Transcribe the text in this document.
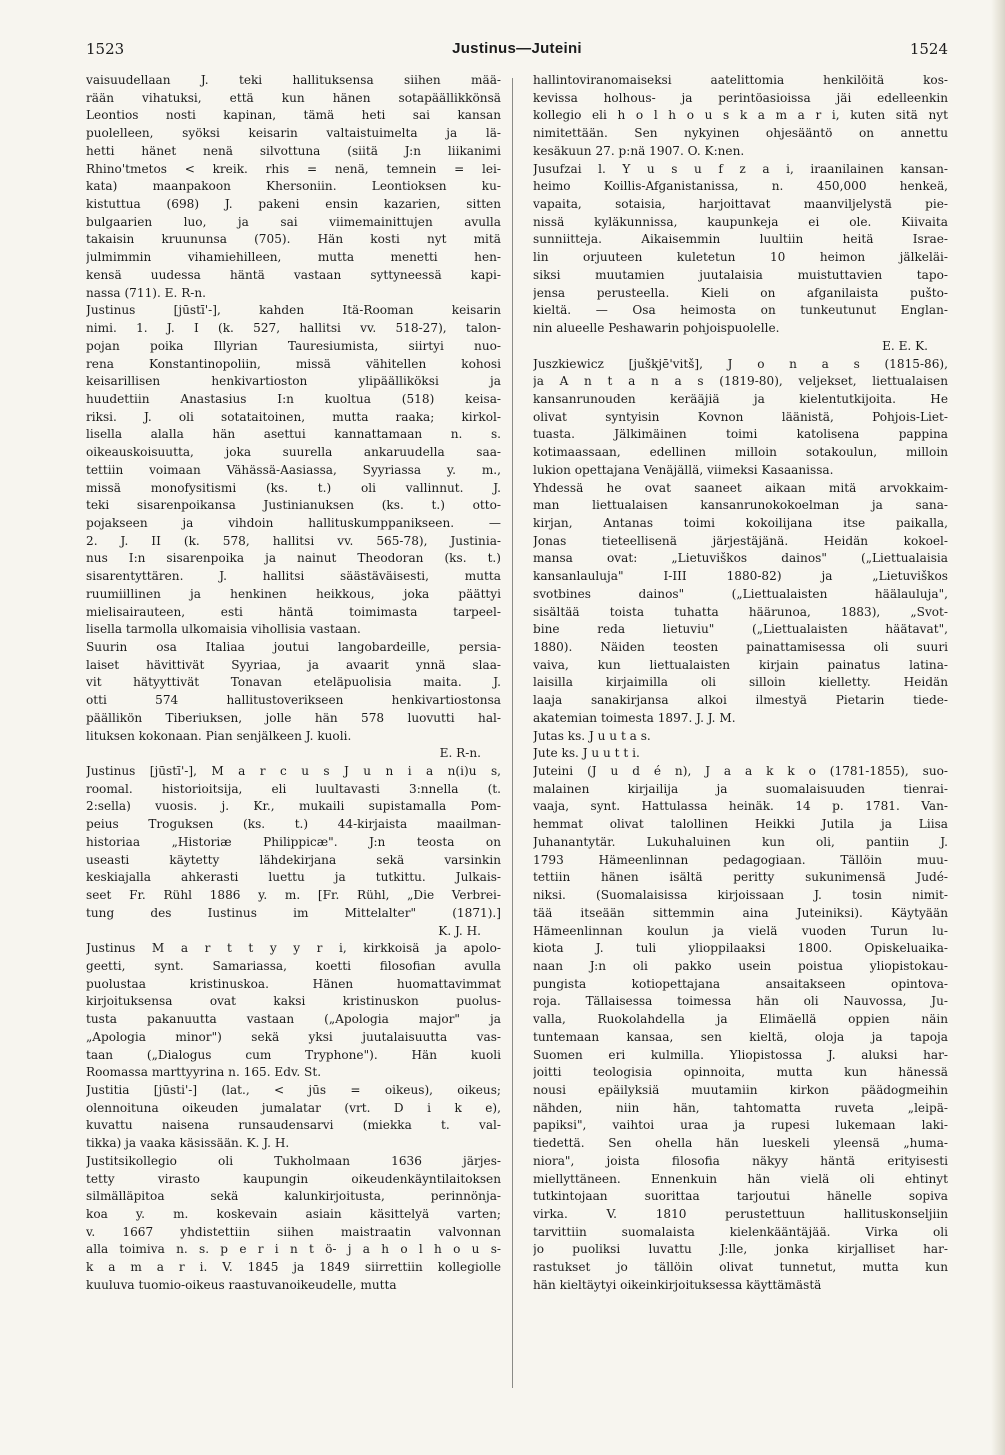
1523	Justinus—Juteini	1524
vaisuudellaan J. teki hallituksensa siihen mää-
rään vihatuksi, että kun hänen sotapäällikkönsä
Leontios nosti kapinan, tämä heti sai kansan
puolelleen, syöksi keisarin valtaistuimelta ja lä-
hetti hänet nenä silvottuna (siitä J:n liikanimi
Rhino'tmetos < kreik. rhis = nenä, temnein = lei-
kata) maanpakoon Khersoniin. Leontioksen ku-
kistuttua (698) J. pakeni ensin kazarien, sitten
bulgaarien luo, ja sai viimemainittujen avulla
takaisin kruununsa (705). Hän kosti nyt mitä
julmimmin vihamiehilleen, mutta menetti hen-
kensä uudessa häntä vastaan syttyneessä kapi-
nassa (711). E. R-n.
Justinus [jūstī'-], kahden Itä-Rooman keisarin
nimi. 1. J. I (k. 527, hallitsi vv. 518-27), talon-
pojan poika Illyrian Tauresiumista, siirtyi nuo-
rena Konstantinopoliin, missä vähitellen kohosi
keisarillisen henkivartioston ylipäälliköksi ja
huudettiin Anastasius I:n kuoltua (518) keisa-
riksi. J. oli sotataitoinen, mutta raaka; kirkol-
lisella alalla hän asettui kannattamaan n. s.
oikeauskoisuutta, joka suurella ankaruudella saa-
tettiin voimaan Vähässä-Aasiassa, Syyriassa y. m.,
missä monofysitismi (ks. t.) oli vallinnut. J.
teki sisarenpoikansa Justinianuksen (ks. t.) otto-
pojakseen ja vihdoin hallituskumppanikseen. —
2. J. II (k. 578, hallitsi vv. 565-78), Justinia-
nus I:n sisarenpoika ja nainut Theodoran (ks. t.)
sisarentyttären. J. hallitsi säästäväisesti, mutta
ruumiillinen ja henkinen heikkous, joka päättyi
mielisairauteen, esti häntä toimimasta tarpeel-
lisella tarmolla ulkomaisia vihollisia vastaan.
Suurin osa Italiaa joutui langobardeille, persia-
laiset hävittivät Syyriaa, ja avaarit ynnä slaa-
vit hätyyttivät Tonavan eteläpuolisia maita. J.
otti 574 hallitustoverikseen henkivartiostonsa
päällikön Tiberiuksen, jolle hän 578 luovutti hal-
lituksen kokonaan. Pian senjälkeen J. kuoli.
E. R-n.
Justinus [jūstī'-], M a r c u s J u n i a n(i)u s,
roomal. historioitsija, eli luultavasti 3:nnella (t.
2:sella) vuosis. j. Kr., mukaili supistamalla Pom-
peius Troguksen (ks. t.) 44-kirjaista maailman-
historiaa „Historiæ Philippicæ". J:n teosta on
useasti käytetty lähdekirjana sekä varsinkin
keskiajalla ahkerasti luettu ja tutkittu. Julkais-
seet Fr. Rühl 1886 y. m. [Fr. Rühl, „Die Verbrei-
tung des Iustinus im Mittelalter" (1871).]
K. J. H.
Justinus M a r t t y y r i, kirkkoisä ja apolo-
geetti, synt. Samariassa, koetti filosofian avulla
puolustaa kristinuskoa. Hänen huomattavimmat
kirjoituksensa ovat kaksi kristinuskon puolus-
tusta pakanuutta vastaan („Apologia major" ja
„Apologia minor") sekä yksi juutalaisuutta vas-
taan („Dialogus cum Tryphone"). Hän kuoli
Roomassa marttyyrina n. 165. Edv. St.
Justitia [jūsti'-] (lat., < jūs = oikeus), oikeus;
olennoituna oikeuden jumalatar (vrt. D i k e),
kuvattu naisena runsaudensarvi (miekka t. val-
tikka) ja vaaka käsissään. K. J. H.
Justitsikollegio oli Tukholmaan 1636 järjes-
tetty virasto kaupungin oikeudenkäyntilaitoksen
silmälläpitoa sekä kalunkirjoitusta, perinnönja-
koa y. m. koskevain asiain käsittelyä varten;
v. 1667 yhdistettiin siihen maistraatin valvonnan
alla toimiva n. s. p e r i n t ö- j a h o l h o u s-
k a m a r i. V. 1845 ja 1849 siirrettiin kollegiolle
kuuluva tuomio-oikeus raastuvanoikeudelle, mutta
hallintoviranomaiseksi aatelittomia henkilöitä kos-
kevissa holhous- ja perintöasioissa jäi edelleenkin
kollegio eli h o l h o u s k a m a r i, kuten sitä nyt
nimitettään. Sen nykyinen ohjesääntö on annettu
kesäkuun 27. p:nä 1907. O. K:nen.
Jusufzai l. Y u s u f z a i, iraanilainen kansan-
heimo Koillis-Afganistanissa, n. 450,000 henkeä,
vapaita, sotaisia, harjoittavat maanviljelystä pie-
nissä kyläkunnissa, kaupunkeja ei ole. Kiivaita
sunniitteja. Aikaisemmin luultiin heitä Israe-
lin orjuuteen kuletetun 10 heimon jälkeläi-
siksi muutamien juutalaisia muistuttavien tapo-
jensa perusteella. Kieli on afganilaista pušto-
kieltä. — Osa heimosta on tunkeutunut Englan-
nin alueelle Peshawarin pohjoispuolelle.
E. E. K.
Juszkiewicz [juškjē'vitš], J o n a s (1815-86),
ja A n t a n a s (1819-80), veljekset, liettualaisen
kansanrunouden kerääjiä ja kielentutkijoita. He
olivat syntyisin Kovnon läänistä, Pohjois-Liet-
tuasta. Jälkimäinen toimi katolisena pappina
kotimaassaan, edellinen milloin sotakoulun, milloin
lukion opettajana Venäjällä, viimeksi Kasaanissa.
Yhdessä he ovat saaneet aikaan mitä arvokkaim-
man liettualaisen kansanrunokokoelman ja sana-
kirjan, Antanas toimi kokoilijana itse paikalla,
Jonas tieteellisenä järjestäjänä. Heidän kokoel-
mansa ovat: „Lietuviškos dainos" („Liettualaisia
kansanlauluja" I-III 1880-82) ja „Lietuviškos
svotbines dainos" („Liettualaisten häälauluja",
sisältää toista tuhatta häärunoa, 1883), „Svot-
bine reda lietuviu" („Liettualaisten häätavat",
1880). Näiden teosten painattamisessa oli suuri
vaiva, kun liettualaisten kirjain painatus latina-
laisilla kirjaimilla oli silloin kielletty. Heidän
laaja sanakirjansa alkoi ilmestyä Pietarin tiede-
akatemian toimesta 1897. J. J. M.
Jutas ks. J u u t a s.
Jute ks. J u u t t i.
Juteini (J u d é n), J a a k k o (1781-1855), suo-
malainen kirjailija ja suomalaisuuden tienrai-
vaaja, synt. Hattulassa heinäk. 14 p. 1781. Van-
hemmat olivat talollinen Heikki Jutila ja Liisa
Juhanantytär. Lukuhaluinen kun oli, pantiin J.
1793 Hämeenlinnan pedagogiaan. Tällöin muu-
tettiin hänen isältä peritty sukunimensä Judé-
niksi. (Suomalaisissa kirjoissaan J. tosin nimit-
tää itseään sittemmin aina Juteiniksi). Käytyään
Hämeenlinnan koulun ja vielä vuoden Turun lu-
kiota J. tuli ylioppilaaksi 1800. Opiskeluaika-
naan J:n oli pakko usein poistua yliopistokau-
pungista kotiopettajana ansaitakseen opintova-
roja. Tällaisessa toimessa hän oli Nauvossa, Ju-
valla, Ruokolahdella ja Elimäellä oppien näin
tuntemaan kansaa, sen kieltä, oloja ja tapoja
Suomen eri kulmilla. Yliopistossa J. aluksi har-
joitti teologisia opinnoita, mutta kun hänessä
nousi epäilyksiä muutamiin kirkon päädogmeihin
nähden, niin hän, tahtomatta ruveta „leipä-
papiksi", vaihtoi uraa ja rupesi lukemaan laki-
tiedettä. Sen ohella hän lueskeli yleensä „huma-
niora", joista filosofia näkyy häntä erityisesti
miellyttäneen. Ennenkuin hän vielä oli ehtinyt
tutkintojaan suorittaa tarjoutui hänelle sopiva
virka. V. 1810 perustettuun hallituskonseljiin
tarvittiin suomalaista kielenkääntäjää. Virka oli
jo puoliksi luvattu J:lle, jonka kirjalliset har-
rastukset jo tällöin olivat tunnetut, mutta kun
hän kieltäytyi oikeinkirjoituksessa käyttämästä
